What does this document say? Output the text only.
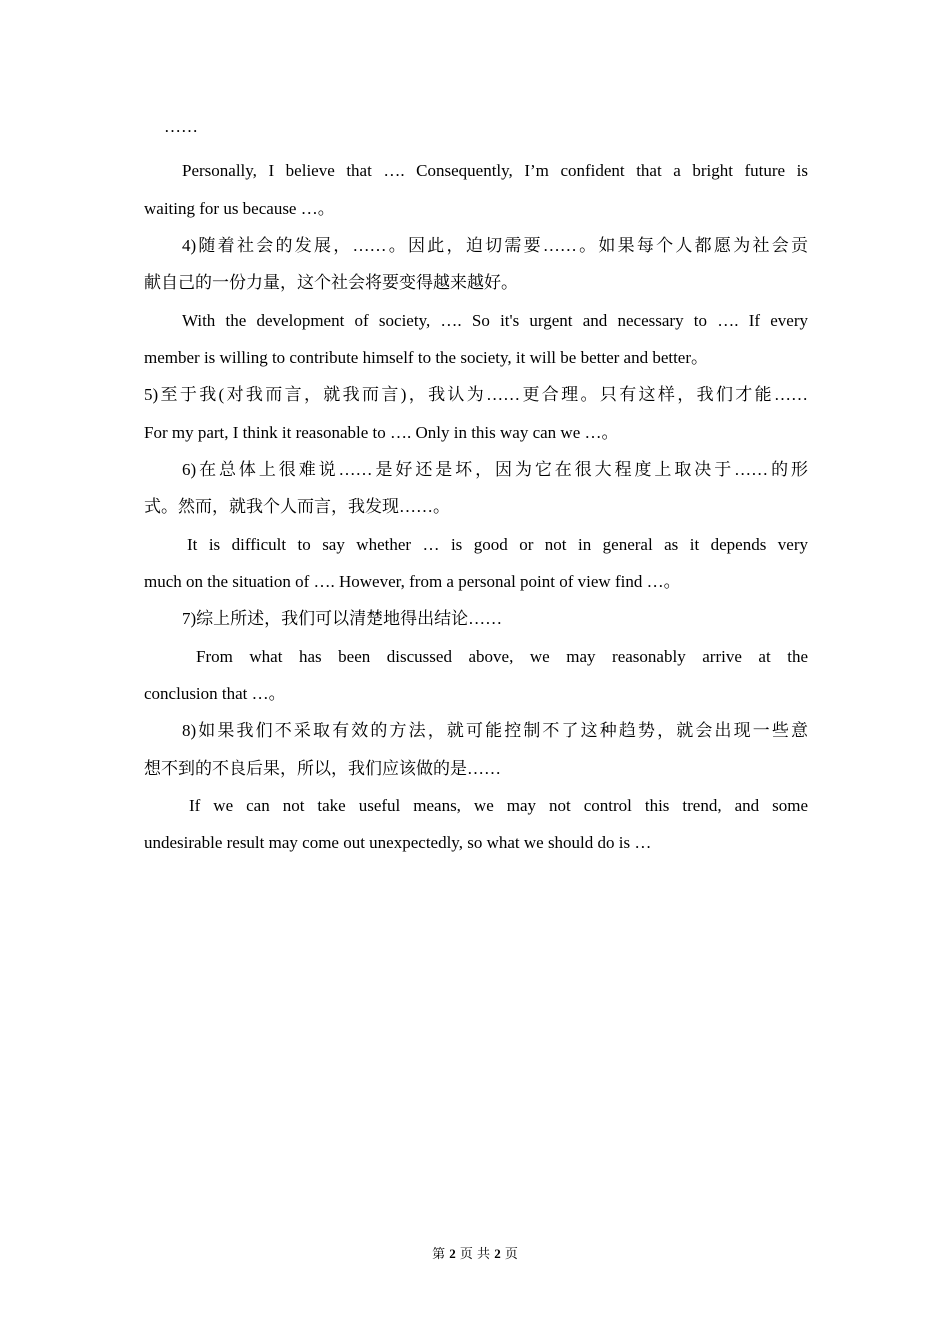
……
Personally, I believe that …. Consequently, I’m confident that a bright future is
waiting for us because …。
4)随着社会的发展，……。因此，迫切需要……。如果每个人都愿为社会贡
献自己的一份力量，这个社会将要变得越来越好。
With the development of society, …. So it's urgent and necessary to …. If every
member is willing to contribute himself to the society, it will be better and better。
5)至于我(对我而言，就我而言)，我认为……更合理。只有这样，我们才能……
For my part, I think it reasonable to …. Only in this way can we …。
6)在总体上很难说……是好还是坏，因为它在很大程度上取决于……的形
式。然而，就我个人而言，我发现……。
It is difficult to say whether … is good or not in general as it depends very
much on the situation of …. However, from a personal point of view find …。
7)综上所述，我们可以清楚地得出结论……
From what has been discussed above, we may reasonably arrive at the
conclusion that …。
8)如果我们不采取有效的方法，就可能控制不了这种趋势，就会出现一些意
想不到的不良后果，所以，我们应该做的是……
If we can not take useful means, we may not control this trend, and some
undesirable result may come out unexpectedly, so what we should do is …
第 2 页 共 2 页
